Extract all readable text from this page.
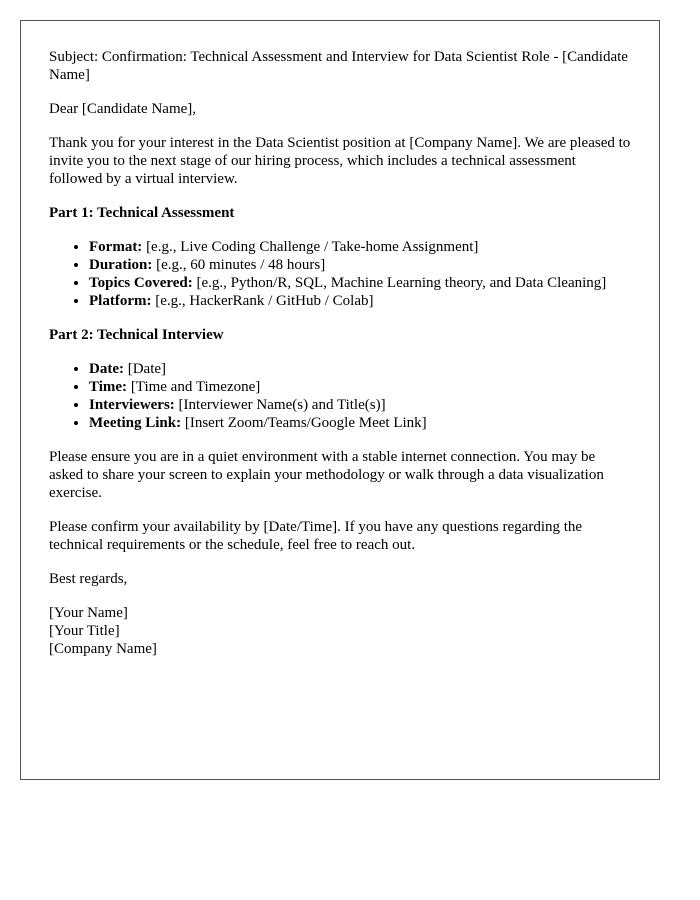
Subject: Confirmation: Technical Assessment and Interview for Data Scientist Role - [Candidate Name]

Dear [Candidate Name],

Thank you for your interest in the Data Scientist position at [Company Name]. We are pleased to invite you to the next stage of our hiring process, which includes a technical assessment followed by a virtual interview.

Part 1: Technical Assessment

• Format: [e.g., Live Coding Challenge / Take-home Assignment]
• Duration: [e.g., 60 minutes / 48 hours]
• Topics Covered: [e.g., Python/R, SQL, Machine Learning theory, and Data Cleaning]
• Platform: [e.g., HackerRank / GitHub / Colab]

Part 2: Technical Interview

• Date: [Date]
• Time: [Time and Timezone]
• Interviewers: [Interviewer Name(s) and Title(s)]
• Meeting Link: [Insert Zoom/Teams/Google Meet Link]

Please ensure you are in a quiet environment with a stable internet connection. You may be asked to share your screen to explain your methodology or walk through a data visualization exercise.

Please confirm your availability by [Date/Time]. If you have any questions regarding the technical requirements or the schedule, feel free to reach out.

Best regards,

[Your Name]
[Your Title]
[Company Name]
